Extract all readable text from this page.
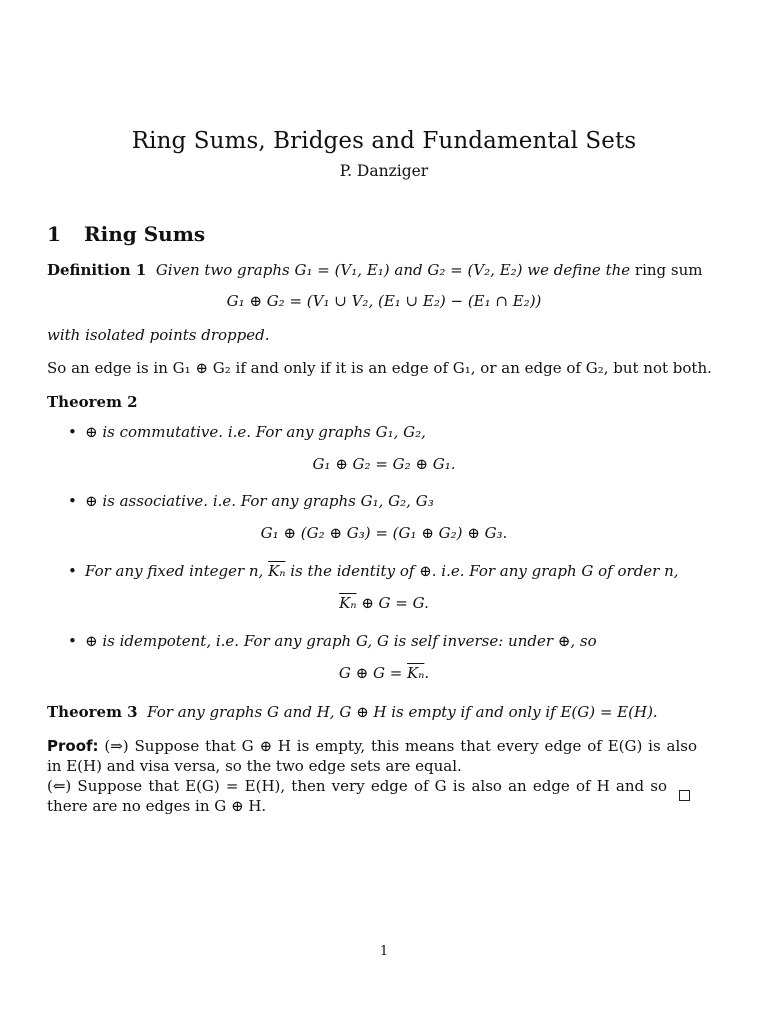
Ring Sums, Bridges and Fundamental Sets
P. Danziger
1 Ring Sums
Definition 1 Given two graphs G₁ = (V₁, E₁) and G₂ = (V₂, E₂) we define the ring sum
G₁ ⊕ G₂ = (V₁ ∪ V₂, (E₁ ∪ E₂) − (E₁ ∩ E₂))
with isolated points dropped.
So an edge is in G₁ ⊕ G₂ if and only if it is an edge of G₁, or an edge of G₂, but not both.
Theorem 2
• ⊕ is commutative. i.e. For any graphs G₁, G₂,
G₁ ⊕ G₂ = G₂ ⊕ G₁.
• ⊕ is associative. i.e. For any graphs G₁, G₂, G₃
G₁ ⊕ (G₂ ⊕ G₃) = (G₁ ⊕ G₂) ⊕ G₃.
• For any fixed integer n, $\overline{K_n}$ is the identity of ⊕. i.e. For any graph G of order n,
$\overline{K_n}$ ⊕ G = G.
• ⊕ is idempotent, i.e. For any graph G, G is self inverse: under ⊕, so
G ⊕ $G = \overline{K_n}$.
Theorem 3 For any graphs G and H, G ⊕ H is empty if and only if E(G) = E(H).
Proof: (⇒) Suppose that G ⊕ H is empty, this means that every edge of E(G) is also in E(H) and visa versa, so the two edge sets are equal.
(⇐) Suppose that E(G) = E(H), then very edge of G is also an edge of H and so there are no edges in G ⊕ H.
1
